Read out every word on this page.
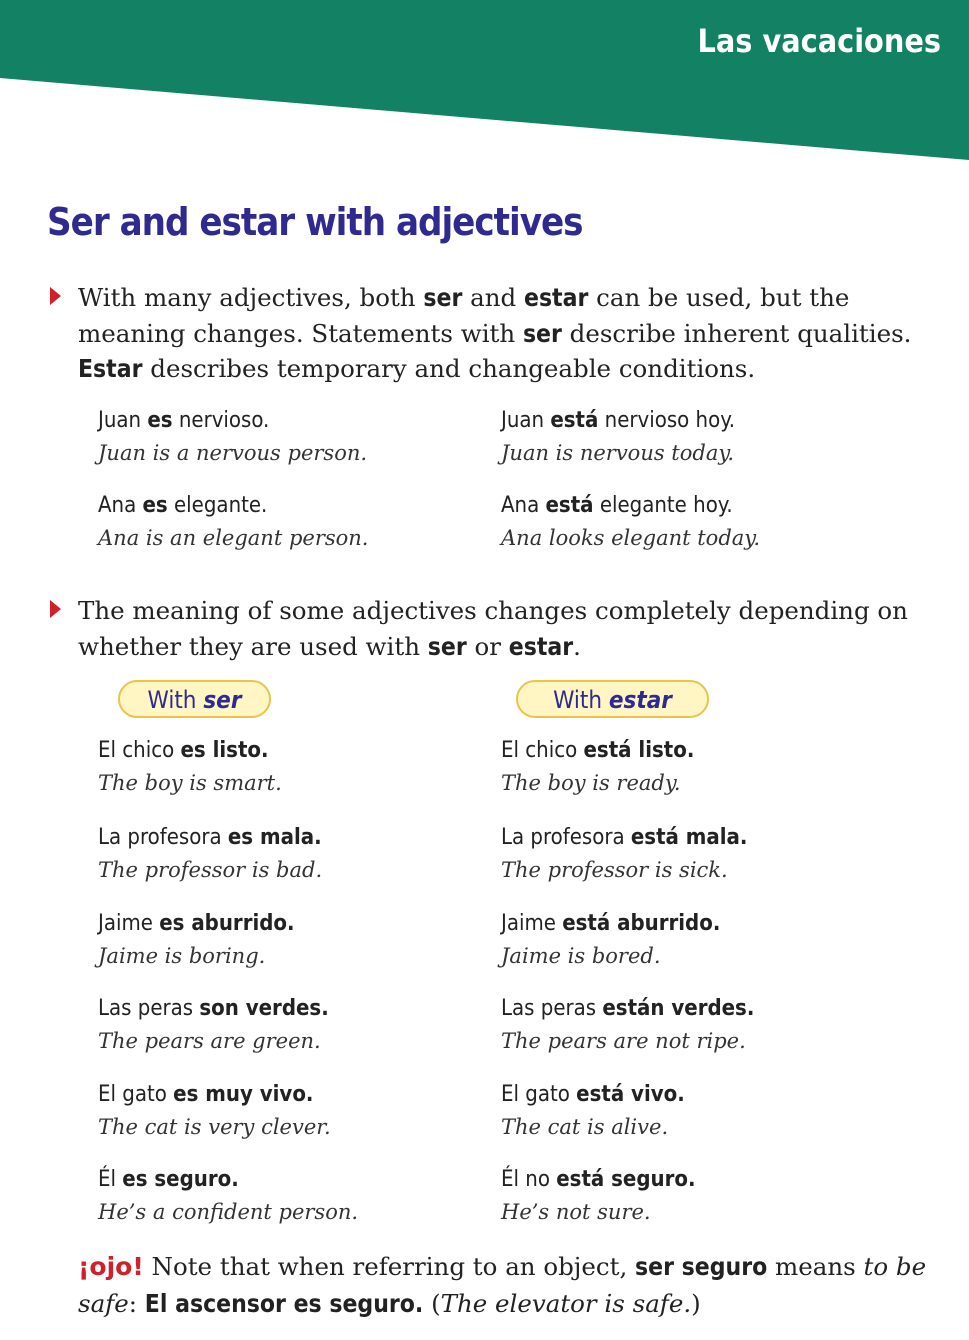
Las vacaciones
Ser and estar with adjectives
With many adjectives, both ser and estar can be used, but the meaning changes. Statements with ser describe inherent qualities. Estar describes temporary and changeable conditions.
Juan es nervioso.
Juan is a nervous person.
Juan está nervioso hoy.
Juan is nervous today.
Ana es elegante.
Ana is an elegant person.
Ana está elegante hoy.
Ana looks elegant today.
The meaning of some adjectives changes completely depending on whether they are used with ser or estar.
With ser	With estar
El chico es listo.
The boy is smart.
La profesora es mala.
The professor is bad.
Jaime es aburrido.
Jaime is boring.
Las peras son verdes.
The pears are green.
El gato es muy vivo.
The cat is very clever.
Él es seguro.
He’s a confident person.
El chico está listo.
The boy is ready.
La profesora está mala.
The professor is sick.
Jaime está aburrido.
Jaime is bored.
Las peras están verdes.
The pears are not ripe.
El gato está vivo.
The cat is alive.
Él no está seguro.
He’s not sure.
¡ojo! Note that when referring to an object, ser seguro means to be safe: El ascensor es seguro. (The elevator is safe.)
